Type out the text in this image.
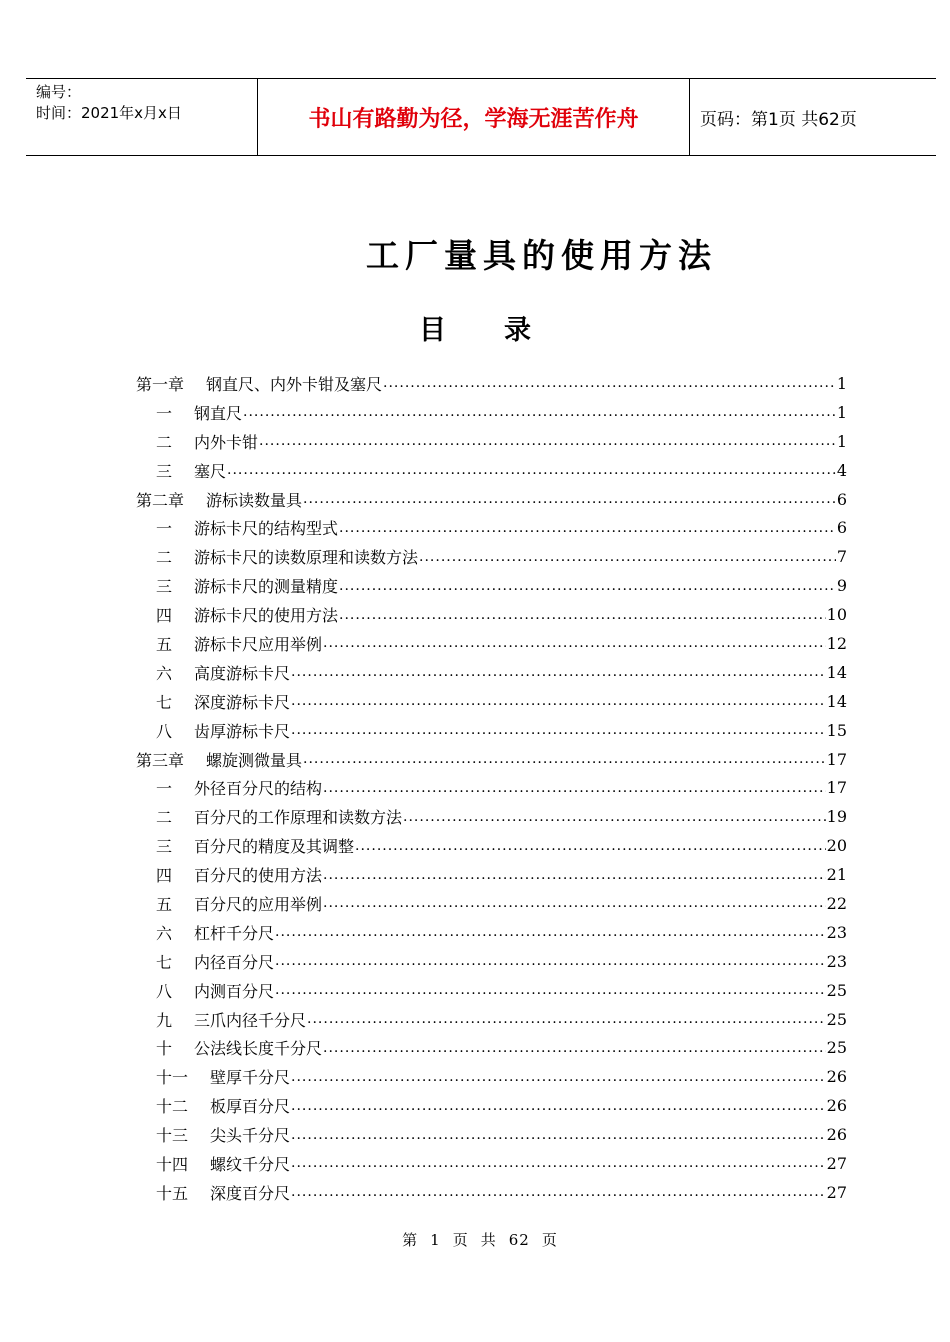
编号：
时间：2021年x月x日	书山有路勤为径，学海无涯苦作舟	页码：第1页 共62页
工厂量具的使用方法
目录
第一章 钢直尺、内外卡钳及塞尺 .....	1
一 钢直尺 .....	1
二 内外卡钳 .....	1
三 塞尺 .....	4
第二章 游标读数量具 .....	6
一 游标卡尺的结构型式 .....	6
二 游标卡尺的读数原理和读数方法 .....	7
三 游标卡尺的测量精度 .....	9
四 游标卡尺的使用方法 .....	10
五 游标卡尺应用举例 .....	12
六 高度游标卡尺 .....	14
七 深度游标卡尺 .....	14
八 齿厚游标卡尺 .....	15
第三章 螺旋测微量具 .....	17
一 外径百分尺的结构 .....	17
二 百分尺的工作原理和读数方法 .....	19
三 百分尺的精度及其调整 .....	20
四 百分尺的使用方法 .....	21
五 百分尺的应用举例 .....	22
六 杠杆千分尺 .....	23
七 内径百分尺 .....	23
八 内测百分尺 .....	25
九 三爪内径千分尺 .....	25
十 公法线长度千分尺 .....	25
十一 壁厚千分尺 .....	26
十二 板厚百分尺 .....	26
十三 尖头千分尺 .....	26
十四 螺纹千分尺 .....	27
十五 深度百分尺 .....	27
第 1 页 共 62 页
